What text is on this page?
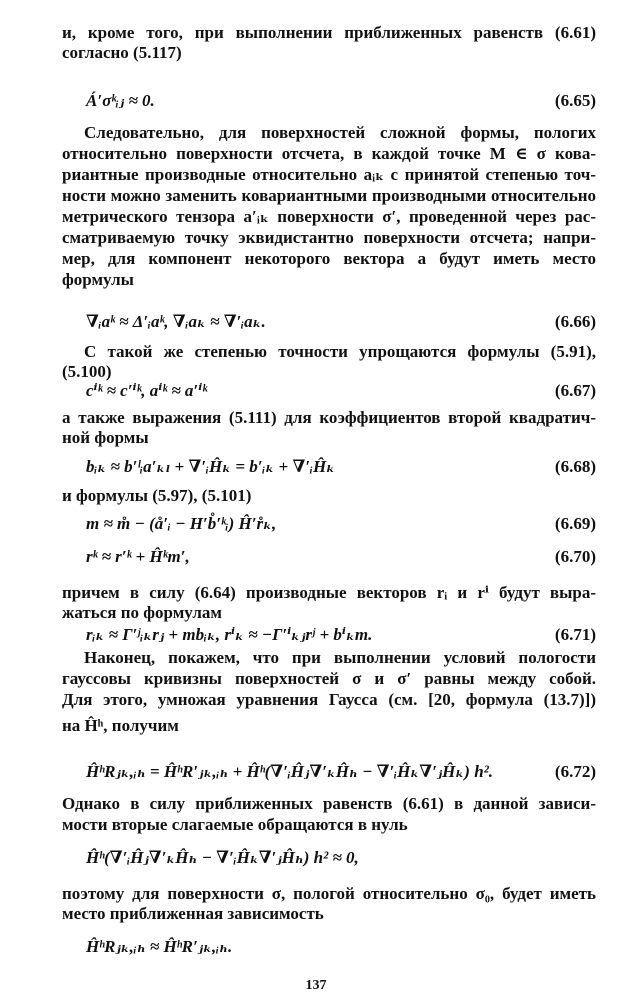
и, кроме того, при выполнении приближенных равенств (6.61)
согласно (5.117)
Á′σᵏᵢⱼ ≈ 0.	(6.65)
Следовательно, для поверхностей сложной формы, пологих
относительно поверхности отсчета, в каждой точке M ∈ σ кова-
риантные производные относительно aᵢₖ с принятой степенью точ-
ности можно заменить ковариантными производными относительно
метрического тензора a′ᵢₖ поверхности σ′, проведенной через рас-
сматриваемую точку эквидистантно поверхности отсчета; напри-
мер, для компонент некоторого вектора a будут иметь место
формулы
∇ᵢaᵏ ≈ Δ′ᵢaᵏ, ∇ᵢaₖ ≈ ∇′ᵢaₖ.	(6.66)
С такой же степенью точности упрощаются формулы (5.91),
(5.100)
cⁱᵏ ≈ c′ⁱᵏ, aⁱᵏ ≈ a′ⁱᵏ	(6.67)
а также выражения (5.111) для коэффициентов второй квадратич-
ной формы
bᵢₖ ≈ b′ˡᵢa′ₖₗ + ∇′ᵢĤₖ = b′ᵢₖ + ∇′ᵢĤₖ	(6.68)
и формулы (5.97), (5.101)
m ≈ m̊ − (å′ᵢ − H′b̊′ᵏᵢ) Ĥ′r̊ₖ,	(6.69)
rᵏ ≈ r′ᵏ + Ĥᵏm′,	(6.70)
причем в силу (6.64) производные векторов rᵢ и rⁱ будут выра-
жаться по формулам
rᵢₖ ≈ Γ′ʲᵢₖrⱼ + mbᵢₖ, rⁱₖ ≈ −Γ′ⁱₖⱼrʲ + bⁱₖm.	(6.71)
Наконец, покажем, что при выполнении условий пологости
гауссовы кривизны поверхностей σ и σ′ равны между собой.
Для этого, умножая уравнения Гаусса (см. [20, формула (13.7)])
на Ĥʰ, получим
ĤʰRⱼₖ,ᵢₕ = ĤʰR′ⱼₖ,ᵢₕ + Ĥʰ(∇′ᵢĤⱼ∇′ₖĤₕ − ∇′ᵢĤₖ∇′ⱼĤₖ) h².	(6.72)
Однако в силу приближенных равенств (6.61) в данной зависи-
мости вторые слагаемые обращаются в нуль
Ĥʰ(∇′ᵢĤⱼ∇′ₖĤₕ − ∇′ᵢĤₖ∇′ⱼĤₕ) h² ≈ 0,
поэтому для поверхности σ, пологой относительно σ₀, будет иметь
место приближенная зависимость
ĤʰRⱼₖ,ᵢₕ ≈ ĤʰR′ⱼₖ,ᵢₕ.
137
